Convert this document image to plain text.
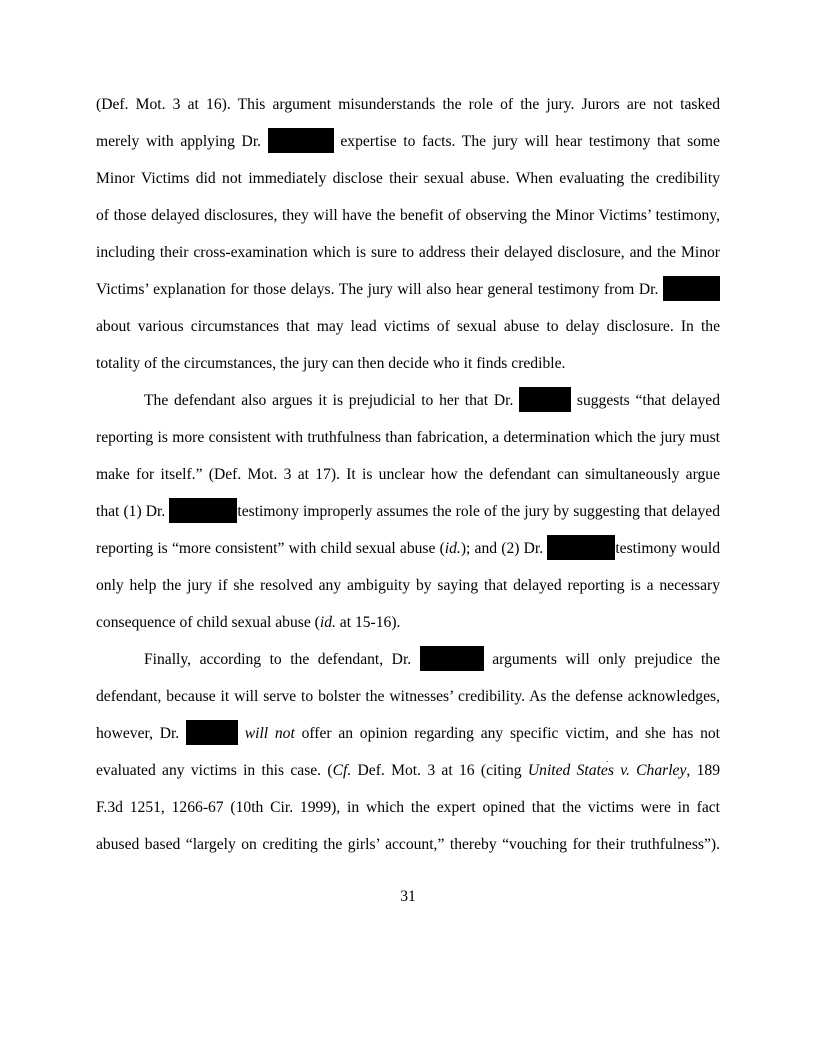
(Def. Mot. 3 at 16). This argument misunderstands the role of the jury. Jurors are not tasked
merely with applying Dr.	expertise to facts. The jury will hear testimony that some
Minor Victims did not immediately disclose their sexual abuse. When evaluating the credibility
of those delayed disclosures, they will have the benefit of observing the Minor Victims’ testimony,
including their cross-examination which is sure to address their delayed disclosure, and the Minor
Victims’ explanation for those delays. The jury will also hear general testimony from Dr.
about various circumstances that may lead victims of sexual abuse to delay disclosure. In the
totality of the circumstances, the jury can then decide who it finds credible.
The defendant also argues it is prejudicial to her that Dr.	suggests “that delayed
reporting is more consistent with truthfulness than fabrication, a determination which the jury must
make for itself.” (Def. Mot. 3 at 17). It is unclear how the defendant can simultaneously argue
that (1) Dr.	testimony improperly assumes the role of the jury by suggesting that delayed
reporting is “more consistent” with child sexual abuse (id.); and (2) Dr.	testimony would
only help the jury if she resolved any ambiguity by saying that delayed reporting is a necessary
consequence of child sexual abuse (id. at 15-16).
Finally, according to the defendant, Dr.	arguments will only prejudice the
defendant, because it will serve to bolster the witnesses’ credibility. As the defense acknowledges,
however, Dr.	will not offer an opinion regarding any specific victim, and she has not
evaluated any victims in this case. (Cf. Def. Mot. 3 at 16 (citing United States v. Charley, 189
F.3d 1251, 1266-67 (10th Cir. 1999), in which the expert opined that the victims were in fact
abused based “largely on crediting the girls’ account,” thereby “vouching for their truthfulness”).
.
31
